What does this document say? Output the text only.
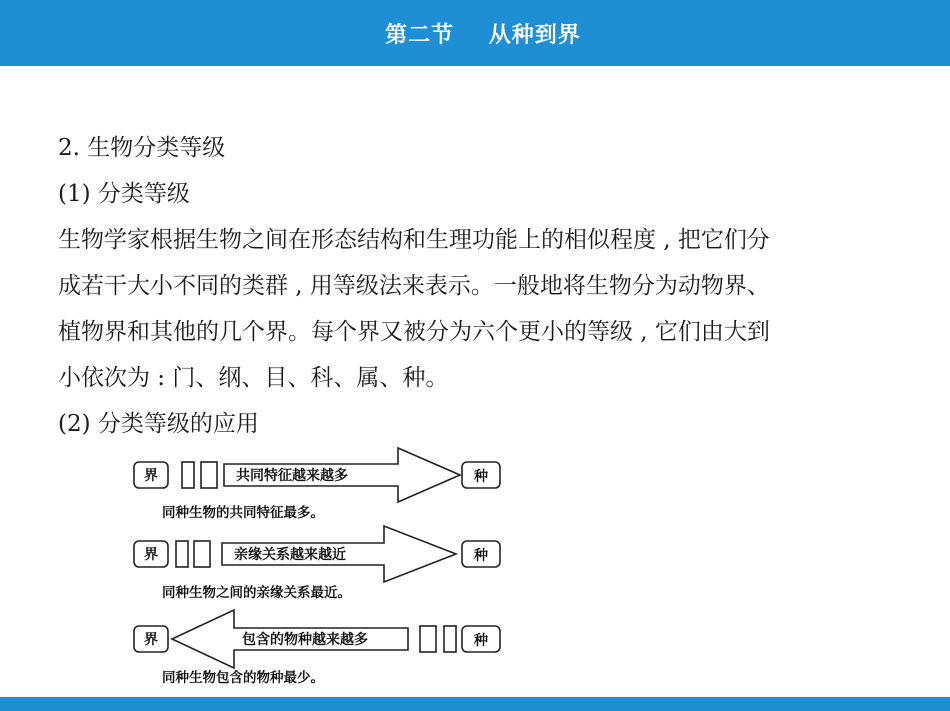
第二节    从种到界

2. 生物分类等级

(1) 分类等级

生物学家根据生物之间在形态结构和生理功能上的相似程度 , 把它们分

成若干大小不同的类群 , 用等级法来表示。一般地将生物分为动物界、

植物界和其他的几个界。每个界又被分为六个更小的等级 , 它们由大到

小依次为 : 门、纲、目、科、属、种。

(2) 分类等级的应用

界	共同特征越来越多	种
界	亲缘关系越来越近	种
界	包含的物种越来越多	种
同种生物的共同特征最多。
同种生物之间的亲缘关系最近。
同种生物包含的物种最少。
